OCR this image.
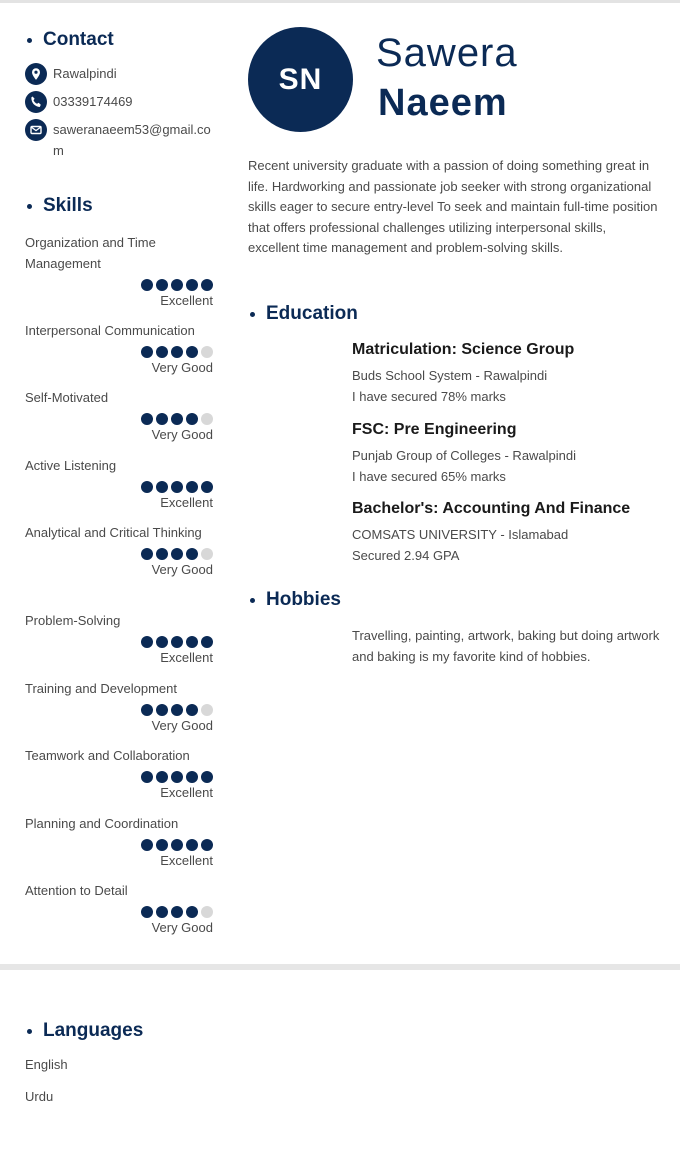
Contact
Rawalpindi
03339174469
saweranaeem53@gmail.com
Skills
Organization and Time Management
Excellent
Interpersonal Communication
Very Good
Self-Motivated
Very Good
Active Listening
Excellent
Analytical and Critical Thinking
Very Good
Problem-Solving
Excellent
Training and Development
Very Good
Teamwork and Collaboration
Excellent
Planning and Coordination
Excellent
Attention to Detail
Very Good
SN
Sawera
Naeem
Recent university graduate with a passion of doing something great in life. Hardworking and passionate job seeker with strong organizational skills eager to secure entry-level To seek and maintain full-time position that offers professional challenges utilizing interpersonal skills, excellent time management and problem-solving skills.
Education
Matriculation: Science Group
Buds School System - Rawalpindi
I have secured 78% marks
FSC: Pre Engineering
Punjab Group of Colleges - Rawalpindi
I have secured 65% marks
Bachelor's: Accounting And Finance
COMSATS UNIVERSITY - Islamabad
Secured 2.94 GPA
Hobbies
Travelling, painting, artwork, baking but doing artwork and baking is my favorite kind of hobbies.
Languages
English
Urdu
